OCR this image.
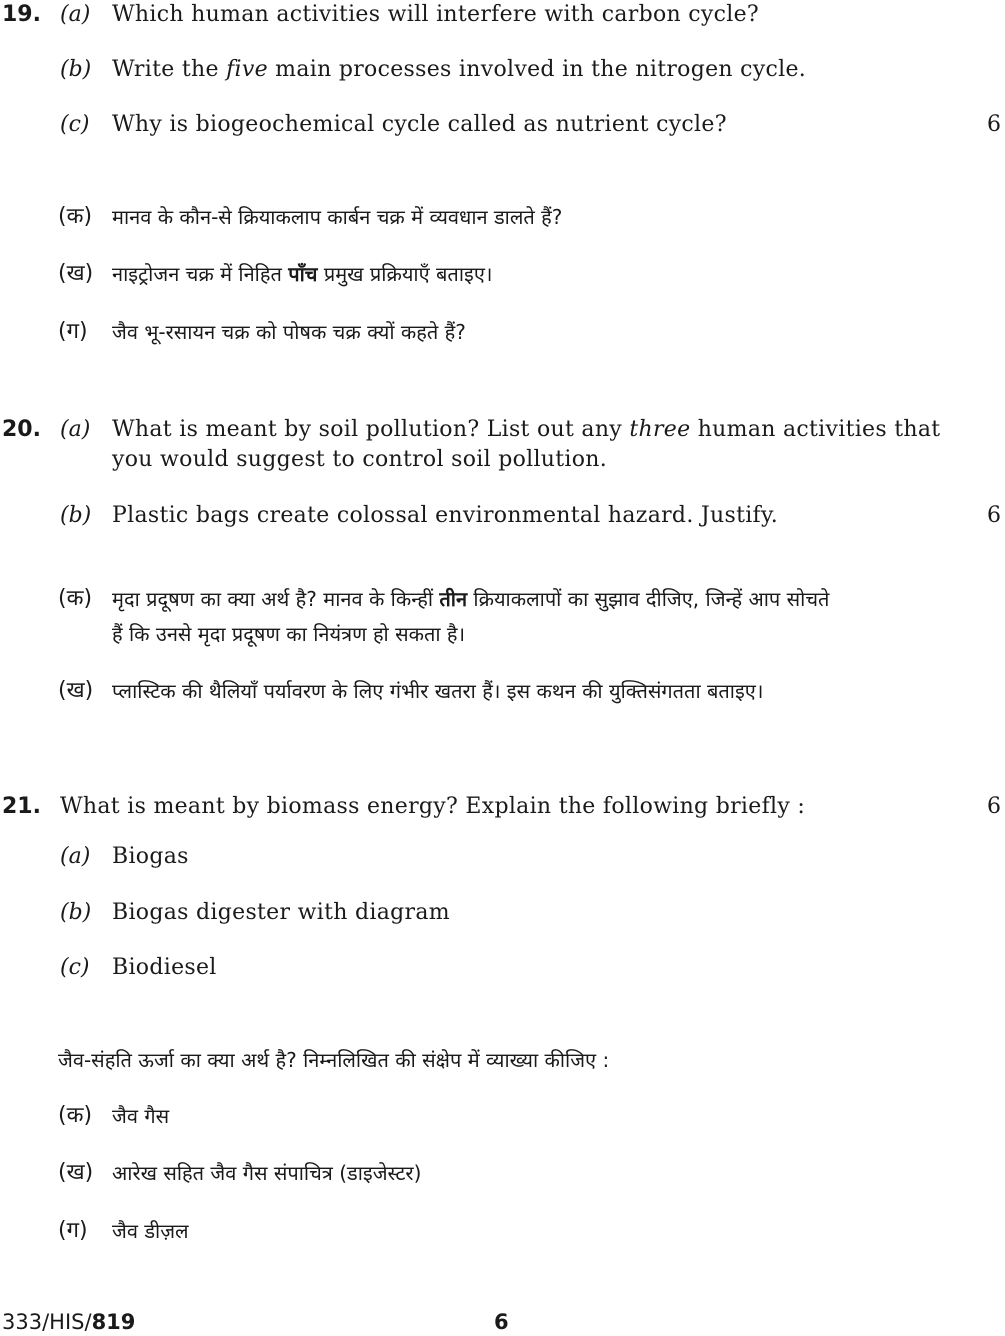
19. (a) Which human activities will interfere with carbon cycle?
(b) Write the five main processes involved in the nitrogen cycle.
(c) Why is biogeochemical cycle called as nutrient cycle?	6
(क) मानव के कौन-से क्रियाकलाप कार्बन चक्र में व्यवधान डालते हैं?
(ख) नाइट्रोजन चक्र में निहित पाँच प्रमुख प्रक्रियाएँ बताइए।
(ग) जैव भू-रसायन चक्र को पोषक चक्र क्यों कहते हैं?
20. (a) What is meant by soil pollution? List out any three human activities that
you would suggest to control soil pollution.
(b) Plastic bags create colossal environmental hazard. Justify.	6
(क) मृदा प्रदूषण का क्या अर्थ है? मानव के किन्हीं तीन क्रियाकलापों का सुझाव दीजिए, जिन्हें आप सोचते
हैं कि उनसे मृदा प्रदूषण का नियंत्रण हो सकता है।
(ख) प्लास्टिक की थैलियाँ पर्यावरण के लिए गंभीर खतरा हैं। इस कथन की युक्तिसंगतता बताइए।
21. What is meant by biomass energy? Explain the following briefly :	6
(a) Biogas
(b) Biogas digester with diagram
(c) Biodiesel
जैव-संहति ऊर्जा का क्या अर्थ है? निम्नलिखित की संक्षेप में व्याख्या कीजिए :
(क) जैव गैस
(ख) आरेख सहित जैव गैस संपाचित्र (डाइजेस्टर)
(ग) जैव डीज़ल
333/HIS/819	6
